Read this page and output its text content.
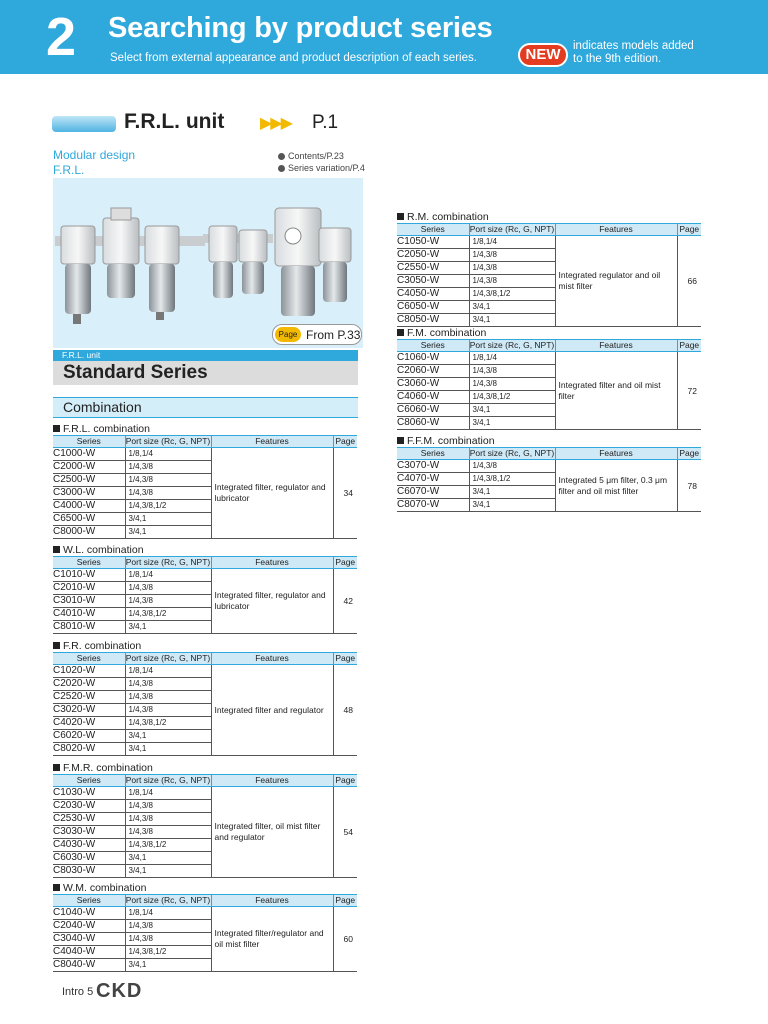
2 Searching by product series
Select from external appearance and product description of each series.	NEW	indicates models added
to the 9th edition.
F.R.L. unit ▶▶▶ P.1
Modular design
F.R.L.
Contents/P.23
Series variation/P.4
Page From P.33
F.R.L. unit
Standard Series
Combination
F.R.L. combination
Series	Port size (Rc, G, NPT)	Features	Page
C1000-W	1/8,1/4	Integrated filter, regulator and lubricator	34
C2000-W	1/4,3/8		
C2500-W	1/4,3/8		
C3000-W	1/4,3/8		
C4000-W	1/4,3/8,1/2		
C6500-W	3/4,1		
C8000-W	3/4,1		
W.L. combination
Series	Port size (Rc, G, NPT)	Features	Page
C1010-W	1/8,1/4	Integrated filter, regulator and lubricator	42
C2010-W	1/4,3/8		
C3010-W	1/4,3/8		
C4010-W	1/4,3/8,1/2		
C8010-W	3/4,1		
F.R. combination
Series	Port size (Rc, G, NPT)	Features	Page
C1020-W	1/8,1/4	Integrated filter and regulator	48
C2020-W	1/4,3/8		
C2520-W	1/4,3/8		
C3020-W	1/4,3/8		
C4020-W	1/4,3/8,1/2		
C6020-W	3/4,1		
C8020-W	3/4,1		
F.M.R. combination
Series	Port size (Rc, G, NPT)	Features	Page
C1030-W	1/8,1/4	Integrated filter, oil mist filter and regulator	54
C2030-W	1/4,3/8		
C2530-W	1/4,3/8		
C3030-W	1/4,3/8		
C4030-W	1/4,3/8,1/2		
C6030-W	3/4,1		
C8030-W	3/4,1		
W.M. combination
Series	Port size (Rc, G, NPT)	Features	Page
C1040-W	1/8,1/4	Integrated filter/regulator and oil mist filter	60
C2040-W	1/4,3/8		
C3040-W	1/4,3/8		
C4040-W	1/4,3/8,1/2		
C8040-W	3/4,1		
R.M. combination
Series	Port size (Rc, G, NPT)	Features	Page
C1050-W	1/8,1/4	Integrated regulator and oil mist filter	66
C2050-W	1/4,3/8		
C2550-W	1/4,3/8		
C3050-W	1/4,3/8		
C4050-W	1/4,3/8,1/2		
C6050-W	3/4,1		
C8050-W	3/4,1		
F.M. combination
Series	Port size (Rc, G, NPT)	Features	Page
C1060-W	1/8,1/4	Integrated filter and oil mist filter	72
C2060-W	1/4,3/8		
C3060-W	1/4,3/8		
C4060-W	1/4,3/8,1/2		
C6060-W	3/4,1		
C8060-W	3/4,1		
F.F.M. combination
Series	Port size (Rc, G, NPT)	Features	Page
C3070-W	1/4,3/8	Integrated 5 μm filter, 0.3 μm filter and oil mist filter	78
C4070-W	1/4,3/8,1/2		
C6070-W	3/4,1		
C8070-W	3/4,1		
Intro 5 CKD
